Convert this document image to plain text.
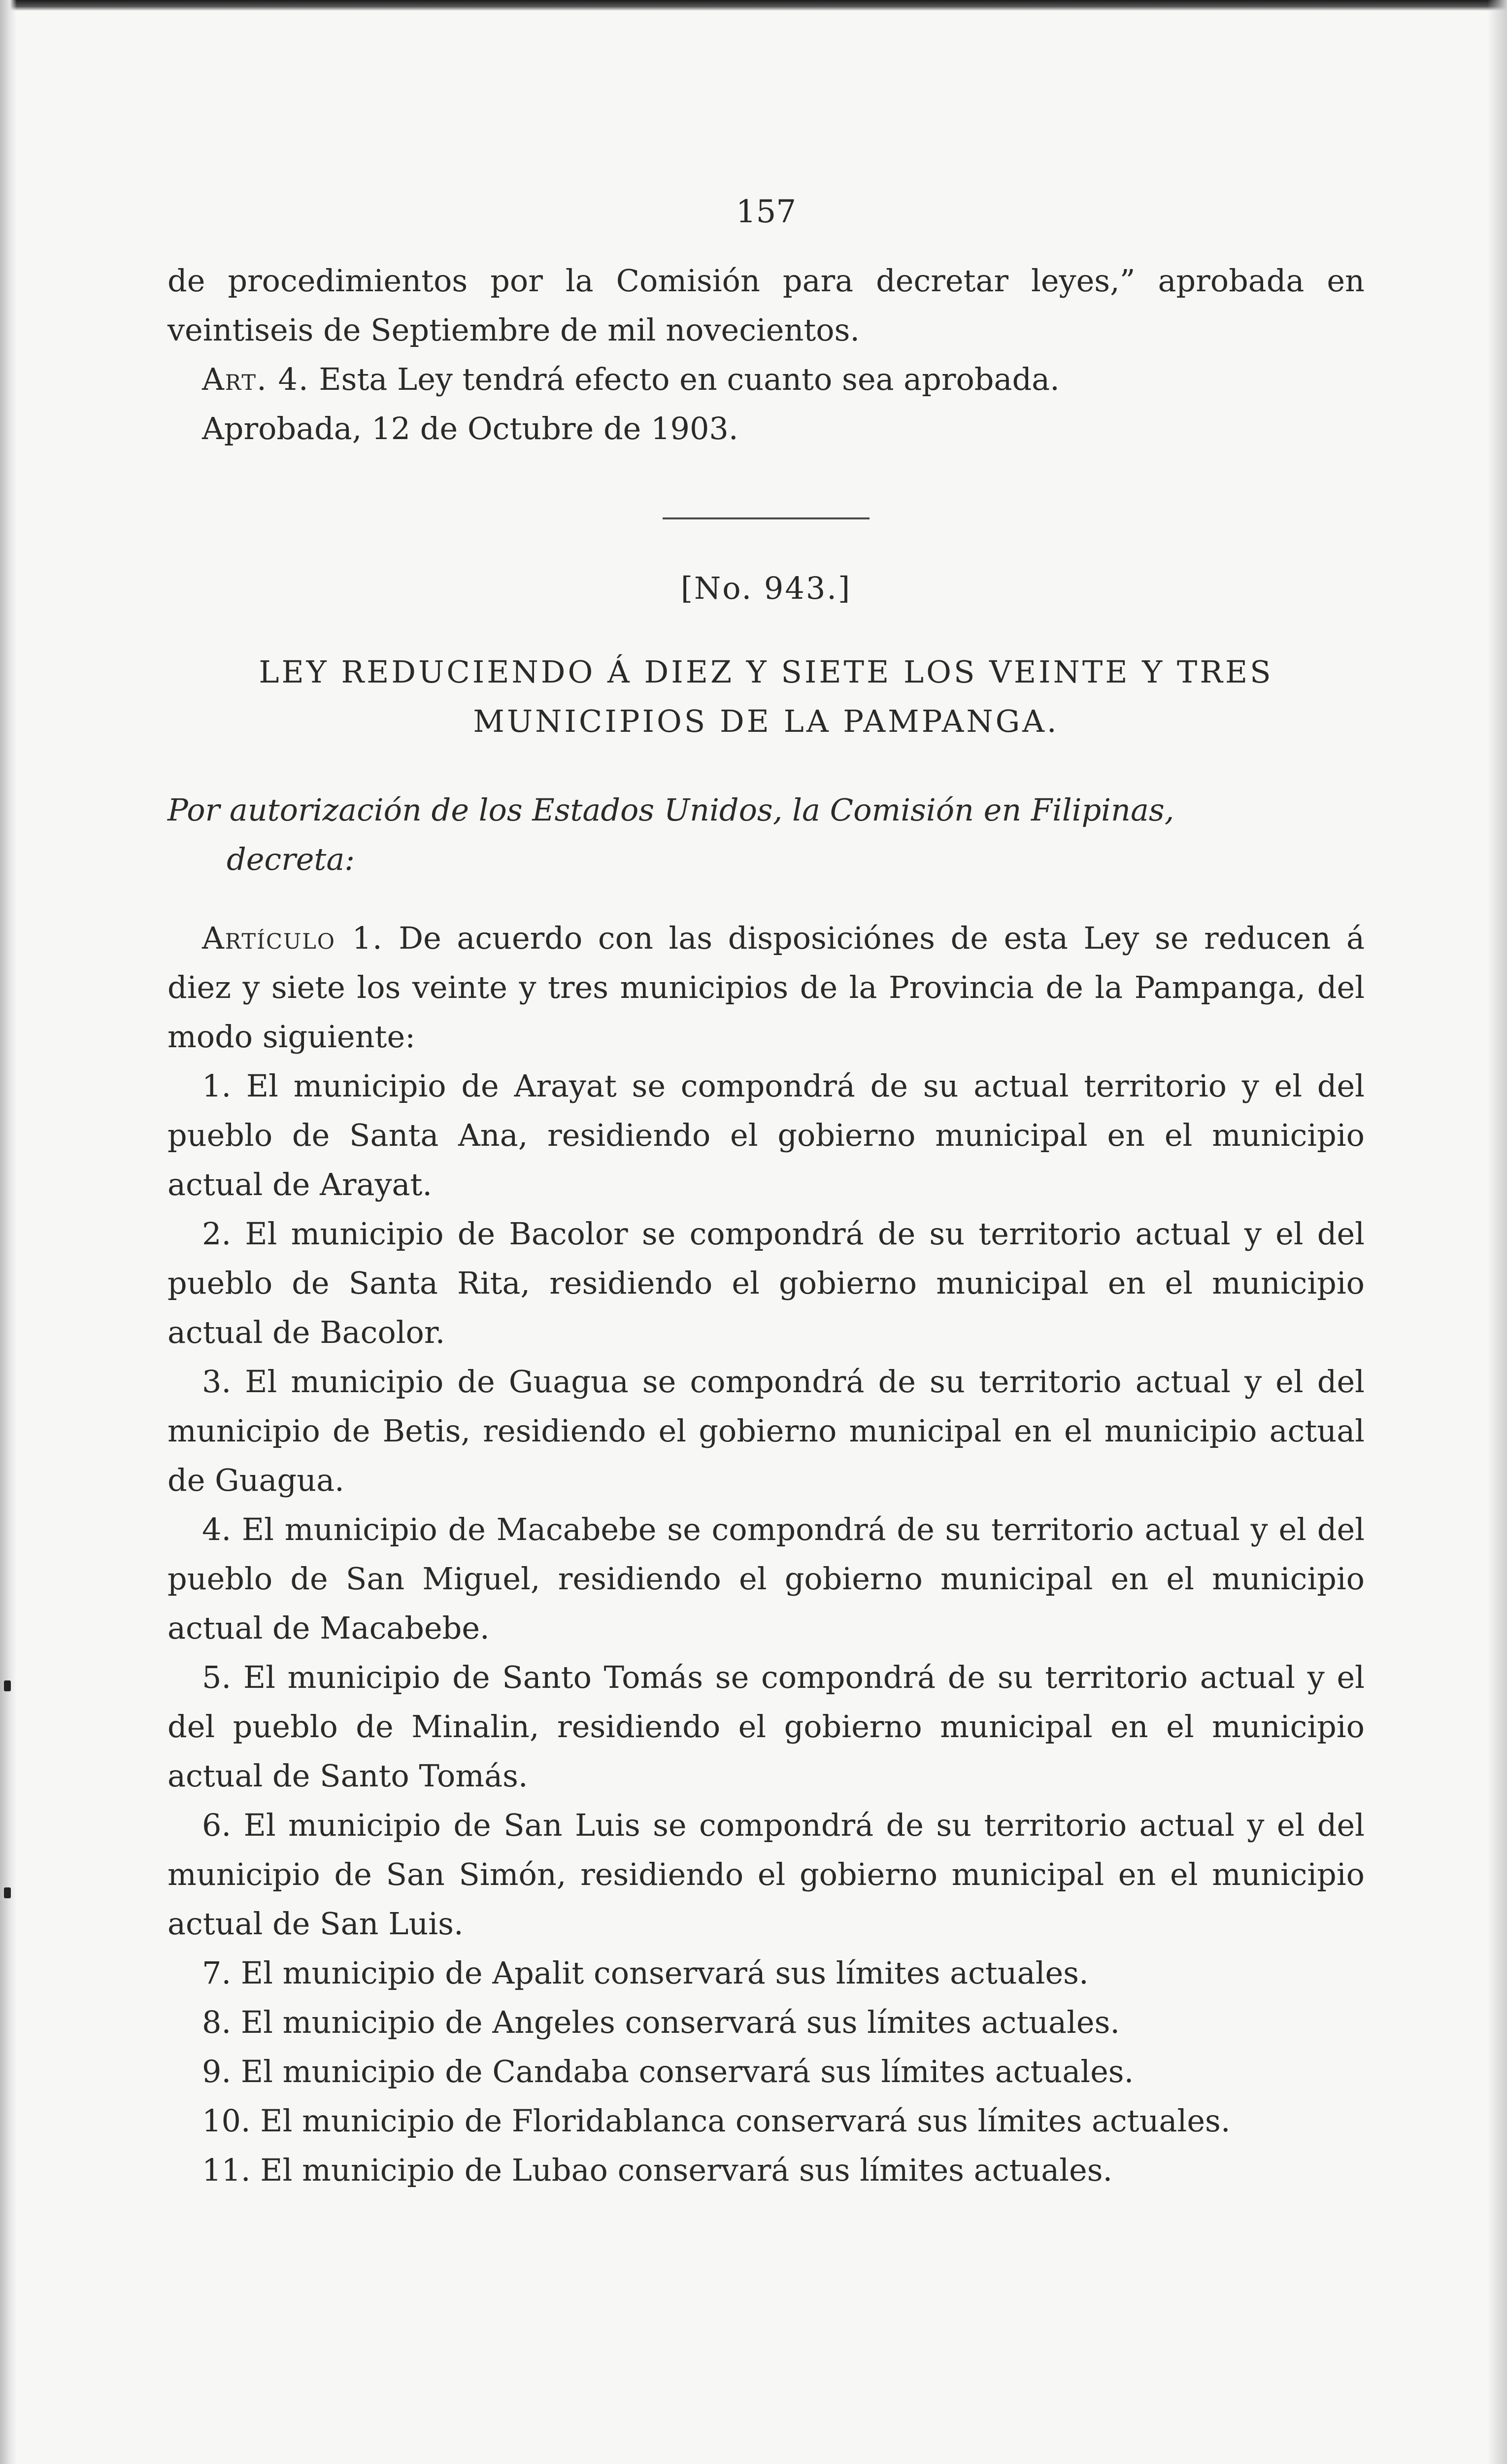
157

de procedimientos por la Comisión para decretar leyes,” aprobada en veintiseis de Septiembre de mil novecientos.

Art. 4. Esta Ley tendrá efecto en cuanto sea aprobada.

Aprobada, 12 de Octubre de 1903.

[No. 943.]
LEY REDUCIENDO Á DIEZ Y SIETE LOS VEINTE Y TRES MUNICIPIOS DE LA PAMPANGA.
Por autorización de los Estados Unidos, la Comisión en Filipinas,
decreta:

Artículo 1. De acuerdo con las disposiciónes de esta Ley se reducen á diez y siete los veinte y tres municipios de la Provincia de la Pampanga, del modo siguiente:

1. El municipio de Arayat se compondrá de su actual territorio y el del pueblo de Santa Ana, residiendo el gobierno municipal en el municipio actual de Arayat.

2. El municipio de Bacolor se compondrá de su territorio actual y el del pueblo de Santa Rita, residiendo el gobierno municipal en el municipio actual de Bacolor.

3. El municipio de Guagua se compondrá de su territorio actual y el del municipio de Betis, residiendo el gobierno municipal en el municipio actual de Guagua.

4. El municipio de Macabebe se compondrá de su territorio actual y el del pueblo de San Miguel, residiendo el gobierno municipal en el municipio actual de Macabebe.

5. El municipio de Santo Tomás se compondrá de su territorio actual y el del pueblo de Minalin, residiendo el gobierno municipal en el municipio actual de Santo Tomás.

6. El municipio de San Luis se compondrá de su territorio actual y el del municipio de San Simón, residiendo el gobierno municipal en el municipio actual de San Luis.

7. El municipio de Apalit conservará sus límites actuales.

8. El municipio de Angeles conservará sus límites actuales.

9. El municipio de Candaba conservará sus límites actuales.

10. El municipio de Floridablanca conservará sus límites actuales.

11. El municipio de Lubao conservará sus límites actuales.
